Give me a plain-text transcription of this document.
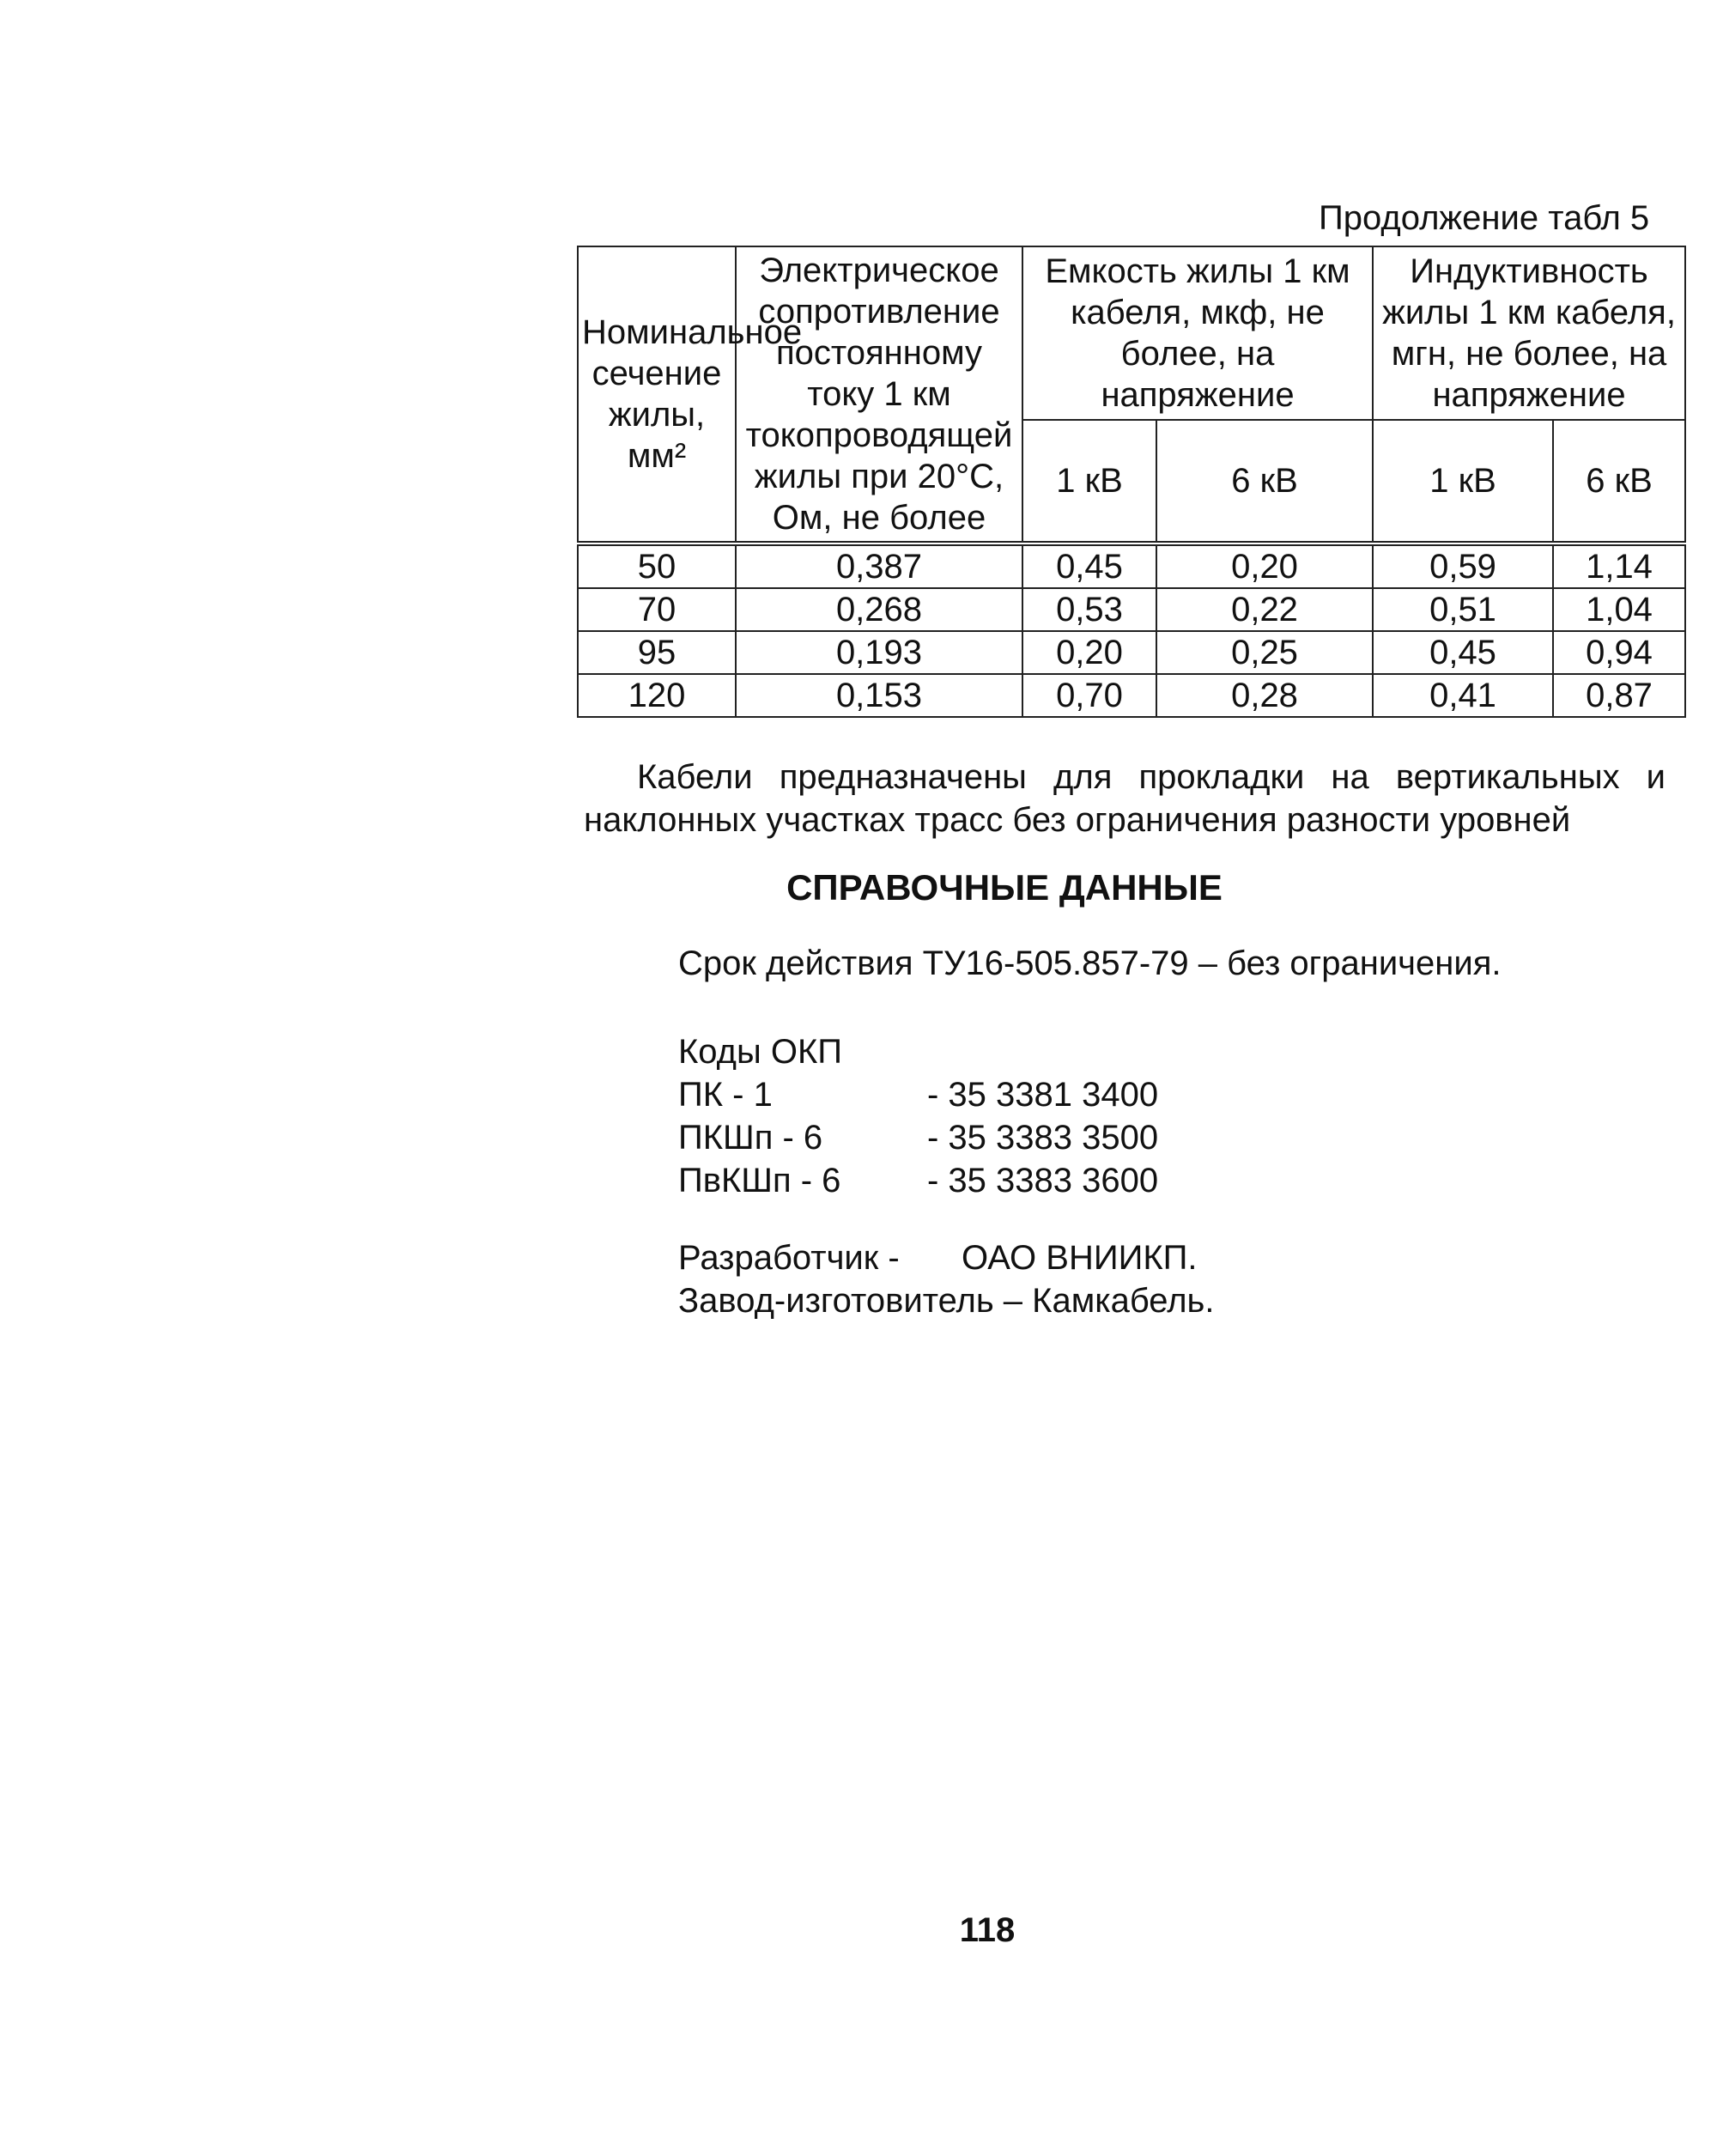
Продолжение табл 5
Номинальное сечение жилы, мм²	Электрическое сопротивление постоянному току 1 км токопроводящей жилы при 20°С, Ом, не более	Емкость жилы 1 км кабеля, мкф, не более, на напряжение		Индуктивность жилы 1 км кабеля, мгн, не более, на напряжение	
		1 кВ	6 кВ	1 кВ	6 кВ
50	0,387	0,45	0,20	0,59	1,14
70	0,268	0,53	0,22	0,51	1,04
95	0,193	0,20	0,25	0,45	0,94
120	0,153	0,70	0,28	0,41	0,87
Кабели предназначены для прокладки на вертикальных и
наклонных участках трасс без ограничения разности уровней
СПРАВОЧНЫЕ ДАННЫЕ
Срок действия ТУ16-505.857-79 – без ограничения.
Коды ОКП
ПК - 1	- 35 3381 3400
ПКШп - 6	- 35 3383 3500
ПвКШп - 6	- 35 3383 3600
Разработчик -	ОАО ВНИИКП.
Завод-изготовитель – Камкабель.
118
